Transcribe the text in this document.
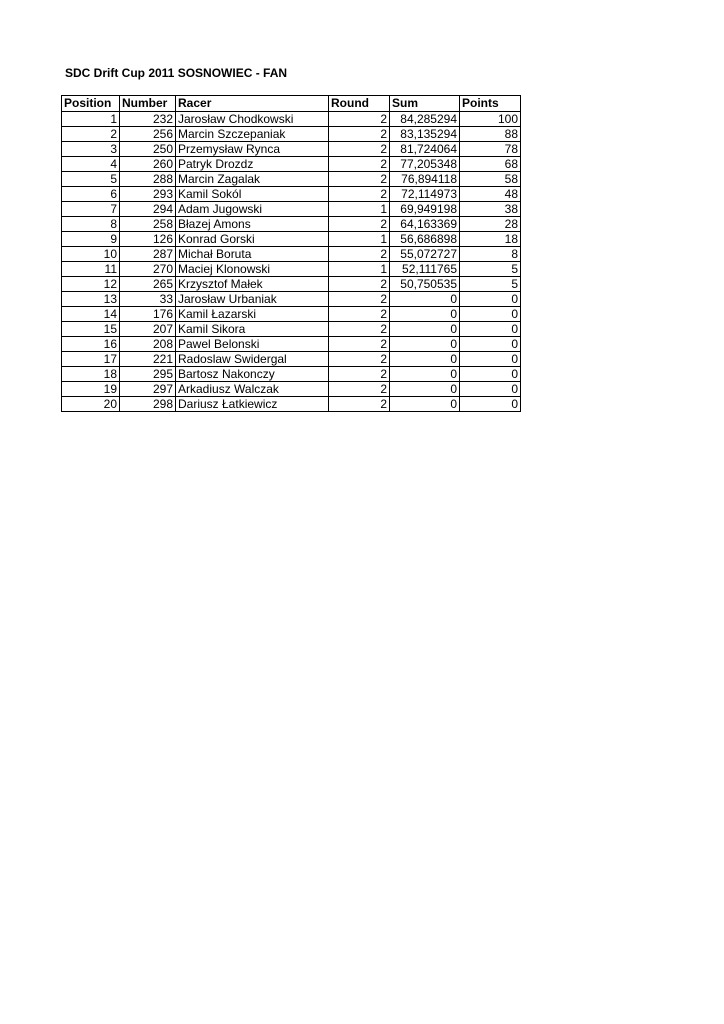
SDC Drift Cup 2011 SOSNOWIEC - FAN
Position	Number	Racer	Round	Sum	Points
1	232	Jarosław Chodkowski	2	84,285294	100
2	256	Marcin Szczepaniak	2	83,135294	88
3	250	Przemysław Rynca	2	81,724064	78
4	260	Patryk Drozdz	2	77,205348	68
5	288	Marcin Zagalak	2	76,894118	58
6	293	Kamil Sokól	2	72,114973	48
7	294	Adam Jugowski	1	69,949198	38
8	258	Błazej Amons	2	64,163369	28
9	126	Konrad Gorski	1	56,686898	18
10	287	Michał Boruta	2	55,072727	8
11	270	Maciej Klonowski	1	52,111765	5
12	265	Krzysztof Małek	2	50,750535	5
13	33	Jarosław Urbaniak	2	0	0
14	176	Kamil Łazarski	2	0	0
15	207	Kamil Sikora	2	0	0
16	208	Pawel Belonski	2	0	0
17	221	Radoslaw Swidergal	2	0	0
18	295	Bartosz Nakonczy	2	0	0
19	297	Arkadiusz Walczak	2	0	0
20	298	Dariusz Łatkiewicz	2	0	0
